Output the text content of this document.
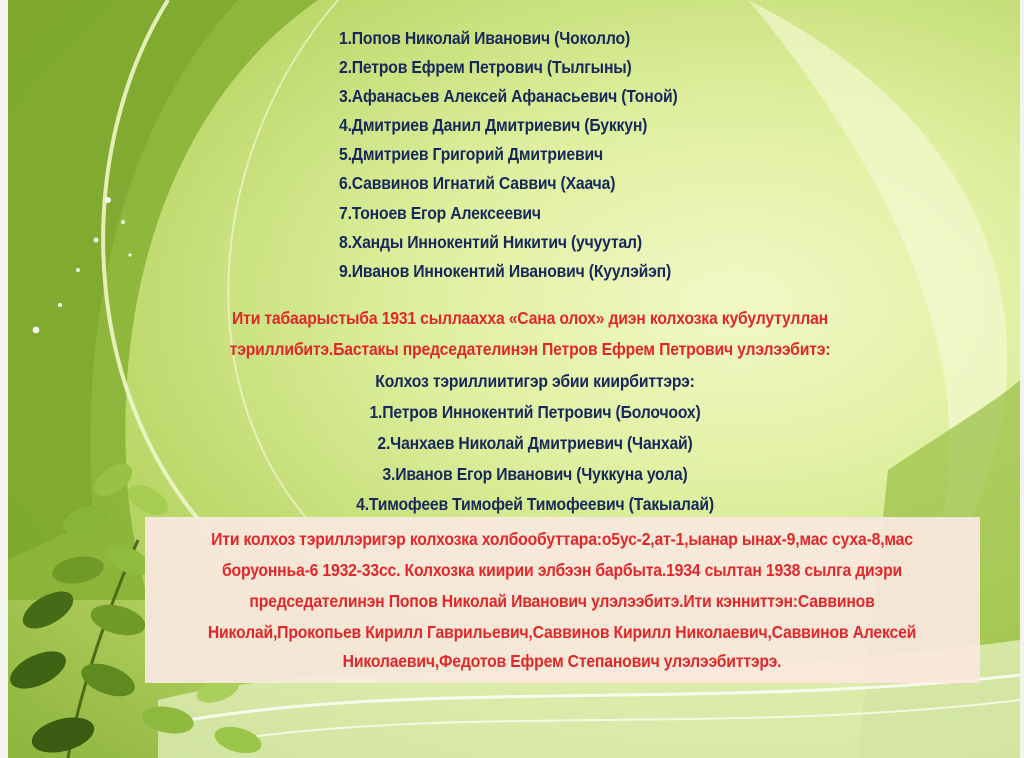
1.Попов Николай Иванович (Чоколло)
2.Петров Ефрем Петрович (Тылгыны)
3.Афанасьев Алексей Афанасьевич (Тоной)
4.Дмитриев Данил Дмитриевич (Буккун)
5.Дмитриев Григорий Дмитриевич
6.Саввинов Игнатий Саввич (Хаача)
7.Тоноев Егор Алексеевич
8.Ханды Иннокентий Никитич (учуутал)
9.Иванов Иннокентий Иванович (Куулэйэп)
Ити табаарыстыба 1931 сыллаахха «Сана олох» диэн колхозка кубулутуллан
тэриллибитэ.Бастакы председателинэн Петров Ефрем Петрович улэлээбитэ:
Колхоз тэриллиитигэр эбии киирбиттэрэ:
1.Петров Иннокентий Петрович (Болочоох)
2.Чанхаев Николай Дмитриевич (Чанхай)
3.Иванов Егор Иванович (Чуккуна уола)
4.Тимофеев Тимофей Тимофеевич (Такыалай)
Ити колхоз тэриллэригэр колхозка холбообуттара:о5ус-2,ат-1,ыанар ынах-9,мас суха-8,мас
боруонньа-6 1932-33сс. Колхозка киирии элбээн барбыта.1934 сылтан 1938 сылга диэри
председателинэн Попов Николай Иванович улэлээбитэ.Ити кэнниттэн:Саввинов
Николай,Прокопьев Кирилл Гаврильевич,Саввинов Кирилл Николаевич,Саввинов Алексей
Николаевич,Федотов Ефрем Степанович улэлээбиттэрэ.
